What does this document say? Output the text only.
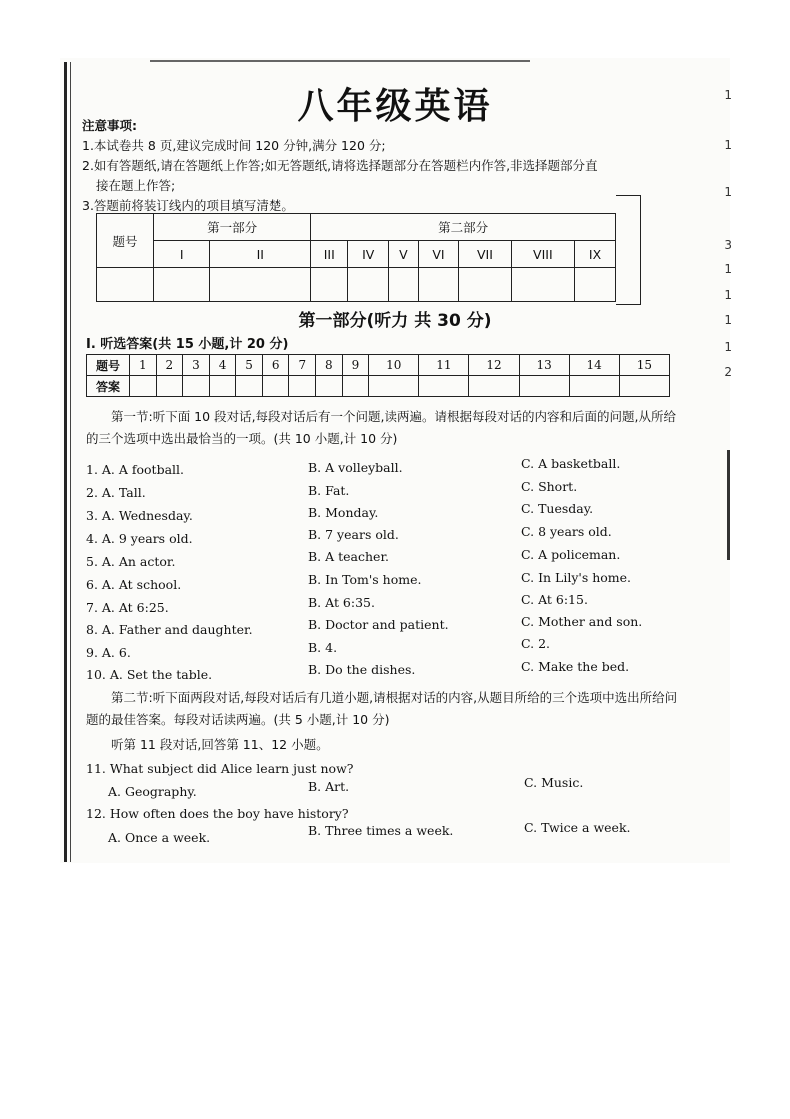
1
1
1
3
1
1
1
1
2
八年级英语
注意事项:
1.本试卷共 8 页,建议完成时间 120 分钟,满分 120 分;
2.如有答题纸,请在答题纸上作答;如无答题纸,请将选择题部分在答题栏内作答,非选择题部分直
接在题上作答;
3.答题前将装订线内的项目填写清楚。
题号	第一部分		第二部分						
	I	II	III	IV	V	VI	VII	VIII	IX

第一部分(听力 共 30 分)
I. 听选答案(共 15 小题,计 20 分)
题号	1	2	3	4	5	6	7	8	9	10	11	12	13	14	15
答案															
第一节:听下面 10 段对话,每段对话后有一个问题,读两遍。请根据每段对话的内容和后面的问题,从所给的三个选项中选出最恰当的一项。(共 10 小题,计 10 分)
1. A. A football.	B. A volleyball.	C. A basketball.
2. A. Tall.	B. Fat.	C. Short.
3. A. Wednesday.	B. Monday.	C. Tuesday.
4. A. 9 years old.	B. 7 years old.	C. 8 years old.
5. A. An actor.	B. A teacher.	C. A policeman.
6. A. At school.	B. In Tom's home.	C. In Lily's home.
7. A. At 6:25.	B. At 6:35.	C. At 6:15.
8. A. Father and daughter.	B. Doctor and patient.	C. Mother and son.
9. A. 6.	B. 4.	C. 2.
10. A. Set the table.	B. Do the dishes.	C. Make the bed.
第二节:听下面两段对话,每段对话后有几道小题,请根据对话的内容,从题目所给的三个选项中选出所给问题的最佳答案。每段对话读两遍。(共 5 小题,计 10 分)
听第 11 段对话,回答第 11、12 小题。
11. What subject did Alice learn just now?
A. Geography.	B. Art.	C. Music.
12. How often does the boy have history?
A. Once a week.	B. Three times a week.	C. Twice a week.
